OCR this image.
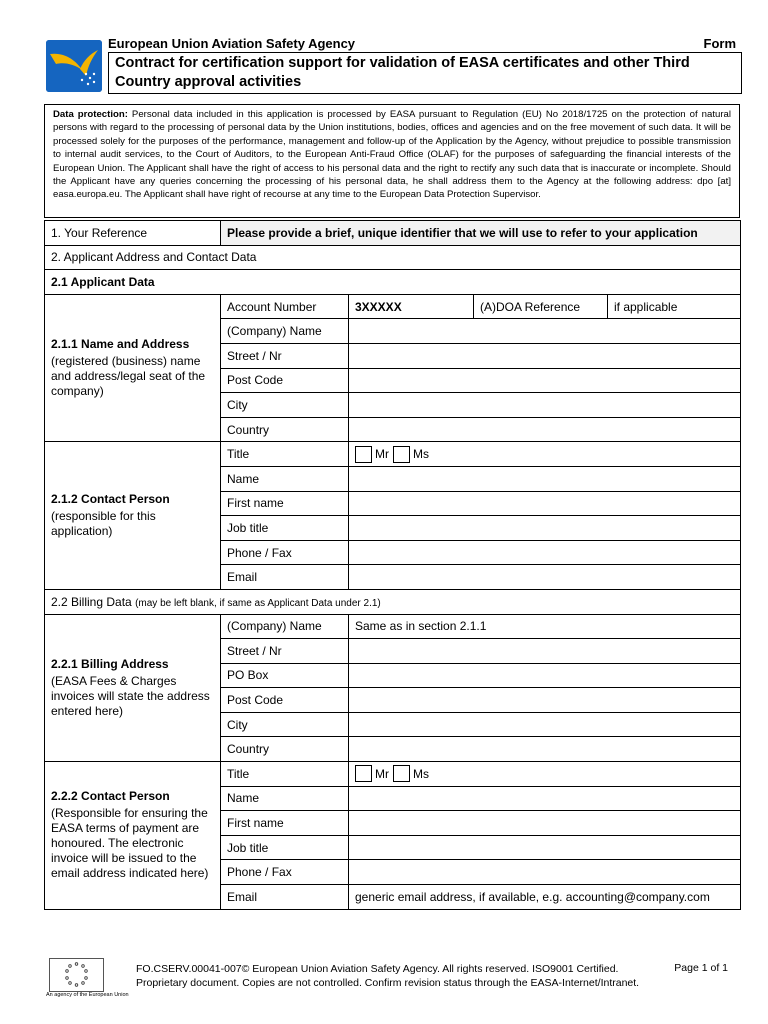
European Union Aviation Safety Agency	Form
Contract for certification support for validation of EASA certificates and other Third Country approval activities
Data protection: Personal data included in this application is processed by EASA pursuant to Regulation (EU) No 2018/1725 on the protection of natural persons with regard to the processing of personal data by the Union institutions, bodies, offices and agencies and on the free movement of such data. It will be processed solely for the purposes of the performance, management and follow-up of the Application by the Agency, without prejudice to possible transmission to internal audit services, to the Court of Auditors, to the European Anti-Fraud Office (OLAF) for the purposes of safeguarding the financial interests of the European Union. The Applicant shall have the right of access to his personal data and the right to rectify any such data that is inaccurate or incomplete. Should the Applicant have any queries concerning the processing of his personal data, he shall address them to the Agency at the following address: dpo [at] easa.europa.eu. The Applicant shall have right of recourse at any time to the European Data Protection Supervisor.
1. Your Reference	Please provide a brief, unique identifier that we will use to refer to your application			
2. Applicant Address and Contact Data				
2.1 Applicant Data				

2.1.1 Name and Address
(registered (business) name and address/legal seat of the company)	Account Number	3XXXXX	(A)DOA Reference	if applicable
	(Company) Name			
	Street / Nr			
	Post Code			
	City			
	Country			

2.1.2 Contact Person
(responsible for this application)	Title	Mr Ms		
	Name			
	First name			
	Job title			
	Phone / Fax			
	Email			
2.2 Billing Data (may be left blank, if same as Applicant Data under 2.1)				

2.2.1 Billing Address
(EASA Fees & Charges invoices will state the address entered here)	(Company) Name	Same as in section 2.1.1		
	Street / Nr			
	PO Box			
	Post Code			
	City			
	Country			

2.2.2 Contact Person
(Responsible for ensuring the EASA terms of payment are honoured. The electronic invoice will be issued to the email address indicated here)	Title	Mr Ms		
	Name			
	First name			
	Job title			
	Phone / Fax			
	Email	generic email address, if available, e.g. accounting@company.com		
An agency of the European Union
FO.CSERV.00041-007© European Union Aviation Safety Agency. All rights reserved. ISO9001 Certified.
Proprietary document. Copies are not controlled. Confirm revision status through the EASA-Internet/Intranet.
Page 1 of 1
